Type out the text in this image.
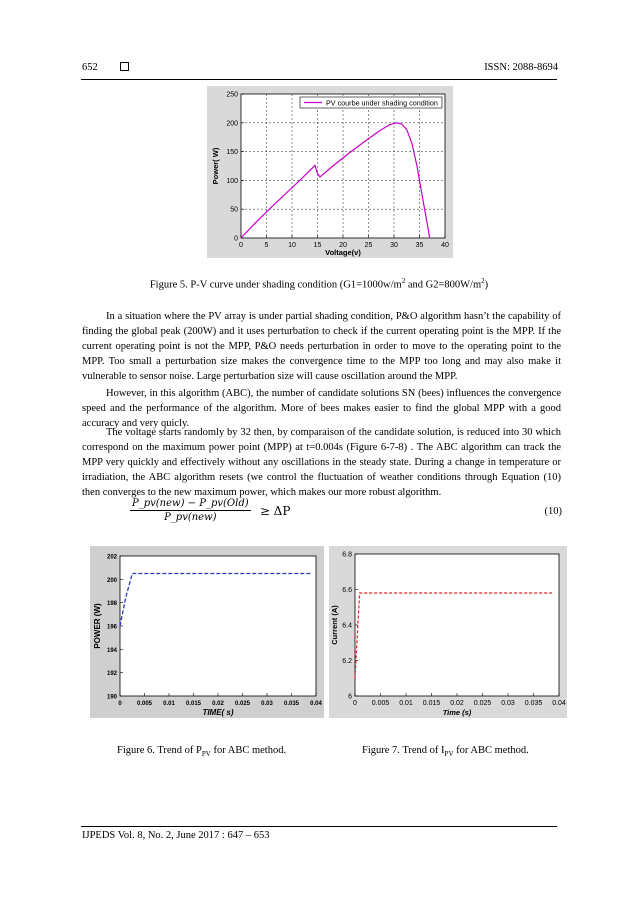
652	ISSN: 2088-8694
0	5	10	15	20	25	30	35	40
0
50
100
150
200
250
Voltage(v)
Power( W)
PV courbe under shading condition
Figure 5. P-V curve under shading condition ($G1=1000w/m^2$ and $G2=800W/m^2$)

In a situation where the PV array is under partial shading condition, P&O algorithm hasn’t the capability of finding the global peak (200W) and it uses perturbation to check if the current operating point is the MPP. If the current operating point is not the MPP, P&O needs perturbation in order to move to the operating point to the MPP. Too small a perturbation size makes the convergence time to the MPP too long and may also make it vulnerable to sensor noise. Large perturbation size will cause oscillation around the MPP.

However, in this algorithm (ABC), the number of candidate solutions SN (bees) influences the convergence speed and the performance of the algorithm. More of bees makes easier to find the global MPP with a good accuracy and very quicly.

The voltage starts randomly by 32 then, by comparaison of the candidate solution, is reduced into 30 which correspond on the maximum power point (MPP) at t=0.004s (Figure 6-7-8) . The ABC algorithm can track the MPP very quickly and effectively without any oscillations in the steady state. During a change in temperature or irradiation, the ABC algorithm resets (we control the fluctuation of weather conditions through Equation (10) then converges to the new maximum power, which makes our more robust algorithm.

$\frac{\text{P\_pv(new) − P\_pv(Old)}}{\text{P\_pv(new)}} \ge \Delta P$	(10)
0	0.005 0.01 0.015 0.02 0.025 0.03 0.035 0.04
190
192
194
196
198
200
202
TIME( s)
POWER (W)
Figure 6. Trend of $P_{PV}$ for ABC method.
0 0.005 0.01 0.015 0.02 0.025 0.03 0.035 0.04
6
6.2
6.4
6.6
6.8
Time (s)
Current (A)
Figure 7. Trend of $I_{PV}$ for ABC method.
IJPEDS Vol. 8, No. 2, June 2017 : 647 – 653
